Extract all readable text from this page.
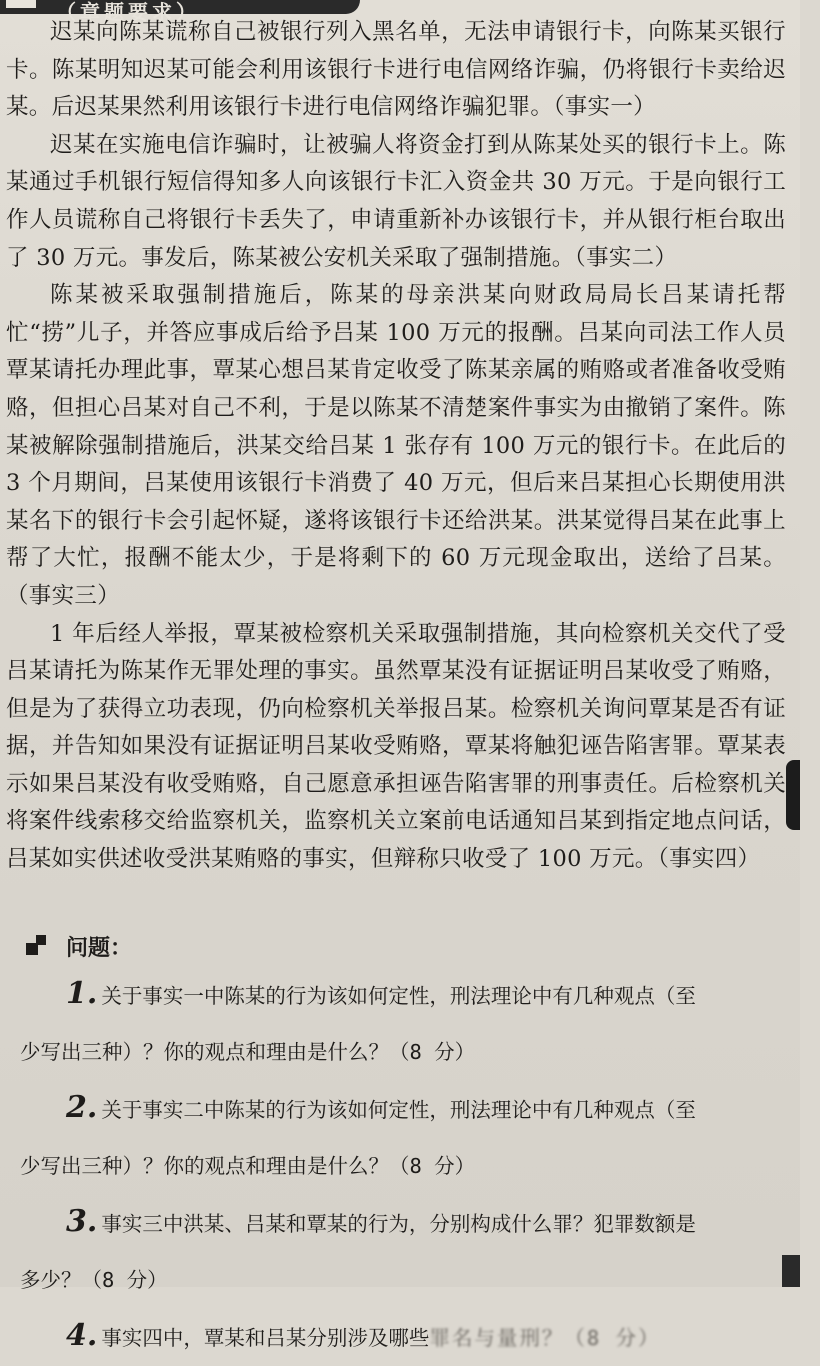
（章题要求）

迟某向陈某谎称自己被银行列入黑名单，无法申请银行卡，向陈某买银行卡。陈某明知迟某可能会利用该银行卡进行电信网络诈骗，仍将银行卡卖给迟某。后迟某果然利用该银行卡进行电信网络诈骗犯罪。（事实一）

迟某在实施电信诈骗时，让被骗人将资金打到从陈某处买的银行卡上。陈某通过手机银行短信得知多人向该银行卡汇入资金共 30 万元。于是向银行工作人员谎称自己将银行卡丢失了，申请重新补办该银行卡，并从银行柜台取出了 30 万元。事发后，陈某被公安机关采取了强制措施。（事实二）

陈某被采取强制措施后，陈某的母亲洪某向财政局局长吕某请托帮忙“捞”儿子，并答应事成后给予吕某 100 万元的报酬。吕某向司法工作人员覃某请托办理此事，覃某心想吕某肯定收受了陈某亲属的贿赂或者准备收受贿赂，但担心吕某对自己不利，于是以陈某不清楚案件事实为由撤销了案件。陈某被解除强制措施后，洪某交给吕某 1 张存有 100 万元的银行卡。在此后的 3 个月期间，吕某使用该银行卡消费了 40 万元，但后来吕某担心长期使用洪某名下的银行卡会引起怀疑，遂将该银行卡还给洪某。洪某觉得吕某在此事上帮了大忙，报酬不能太少，于是将剩下的 60 万元现金取出，送给了吕某。（事实三）

1 年后经人举报，覃某被检察机关采取强制措施，其向检察机关交代了受吕某请托为陈某作无罪处理的事实。虽然覃某没有证据证明吕某收受了贿赂，但是为了获得立功表现，仍向检察机关举报吕某。检察机关询问覃某是否有证据，并告知如果没有证据证明吕某收受贿赂，覃某将触犯诬告陷害罪。覃某表示如果吕某没有收受贿赂，自己愿意承担诬告陷害罪的刑事责任。后检察机关将案件线索移交给监察机关，监察机关立案前电话通知吕某到指定地点问话，吕某如实供述收受洪某贿赂的事实，但辩称只收受了 100 万元。（事实四）

问题：

1. 关于事实一中陈某的行为该如何定性，刑法理论中有几种观点（至

少写出三种）？你的观点和理由是什么？（8 分）

2. 关于事实二中陈某的行为该如何定性，刑法理论中有几种观点（至

少写出三种）？你的观点和理由是什么？（8 分）

3. 事实三中洪某、吕某和覃某的行为，分别构成什么罪？犯罪数额是

多少？（8 分）

4. 事实四中，覃某和吕某分别涉及哪些罪名与量刑？（8 分）
